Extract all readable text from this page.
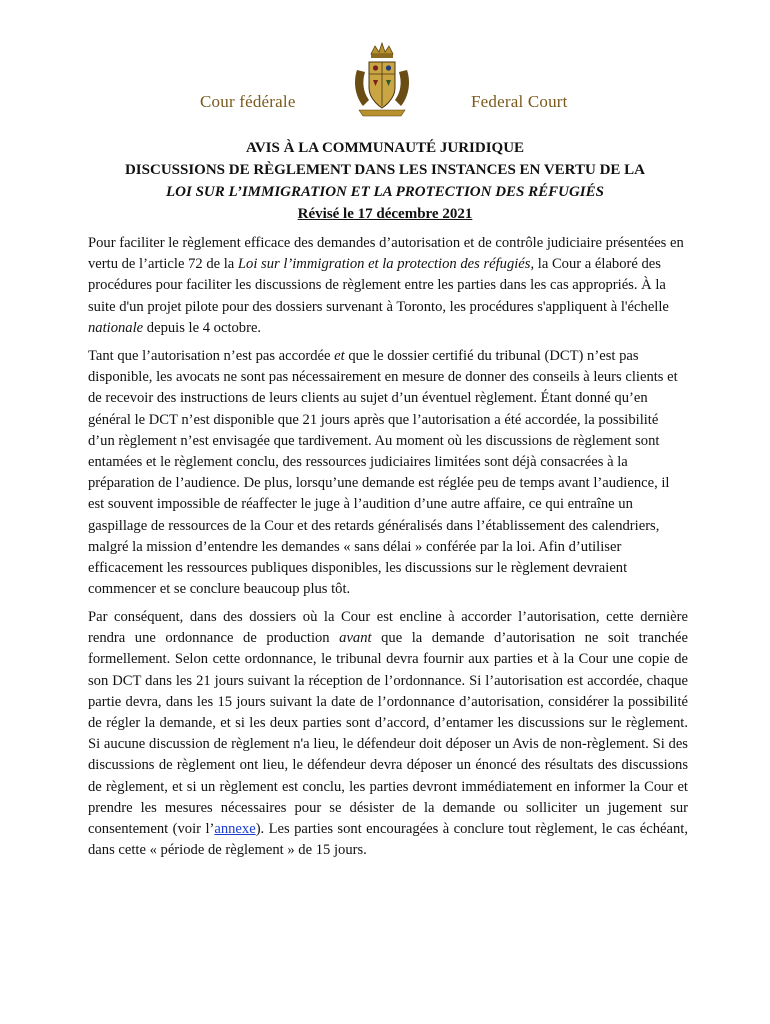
Cour fédérale	Federal Court
AVIS À LA COMMUNAUTÉ JURIDIQUE
DISCUSSIONS DE RÈGLEMENT DANS LES INSTANCES EN VERTU DE LA
LOI SUR L’IMMIGRATION ET LA PROTECTION DES RÉFUGIÉS
Révisé le 17 décembre 2021

Pour faciliter le règlement efficace des demandes d’autorisation et de contrôle judiciaire présentées en vertu de l’article 72 de la Loi sur l’immigration et la protection des réfugiés, la Cour a élaboré des procédures pour faciliter les discussions de règlement entre les parties dans les cas appropriés. À la suite d'un projet pilote pour des dossiers survenant à Toronto, les procédures s'appliquent à l'échelle nationale depuis le 4 octobre.

Tant que l’autorisation n’est pas accordée et que le dossier certifié du tribunal (DCT) n’est pas disponible, les avocats ne sont pas nécessairement en mesure de donner des conseils à leurs clients et de recevoir des instructions de leurs clients au sujet d’un éventuel règlement. Étant donné qu’en général le DCT n’est disponible que 21 jours après que l’autorisation a été accordée, la possibilité d’un règlement n’est envisagée que tardivement. Au moment où les discussions de règlement sont entamées et le règlement conclu, des ressources judiciaires limitées sont déjà consacrées à la préparation de l’audience. De plus, lorsqu’une demande est réglée peu de temps avant l’audience, il est souvent impossible de réaffecter le juge à l’audition d’une autre affaire, ce qui entraîne un gaspillage de ressources de la Cour et des retards généralisés dans l’établissement des calendriers, malgré la mission d’entendre les demandes « sans délai » conférée par la loi. Afin d’utiliser efficacement les ressources publiques disponibles, les discussions sur le règlement devraient commencer et se conclure beaucoup plus tôt.

Par conséquent, dans des dossiers où la Cour est encline à accorder l’autorisation, cette dernière rendra une ordonnance de production avant que la demande d’autorisation ne soit tranchée formellement. Selon cette ordonnance, le tribunal devra fournir aux parties et à la Cour une copie de son DCT dans les 21 jours suivant la réception de l’ordonnance. Si l’autorisation est accordée, chaque partie devra, dans les 15 jours suivant la date de l’ordonnance d’autorisation, considérer la possibilité de régler la demande, et si les deux parties sont d’accord, d’entamer les discussions sur le règlement. Si aucune discussion de règlement n'a lieu, le défendeur doit déposer un Avis de non-règlement. Si des discussions de règlement ont lieu, le défendeur devra déposer un énoncé des résultats des discussions de règlement, et si un règlement est conclu, les parties devront immédiatement en informer la Cour et prendre les mesures nécessaires pour se désister de la demande ou solliciter un jugement sur consentement (voir l’annexe). Les parties sont encouragées à conclure tout règlement, le cas échéant, dans cette « période de règlement » de 15 jours.
